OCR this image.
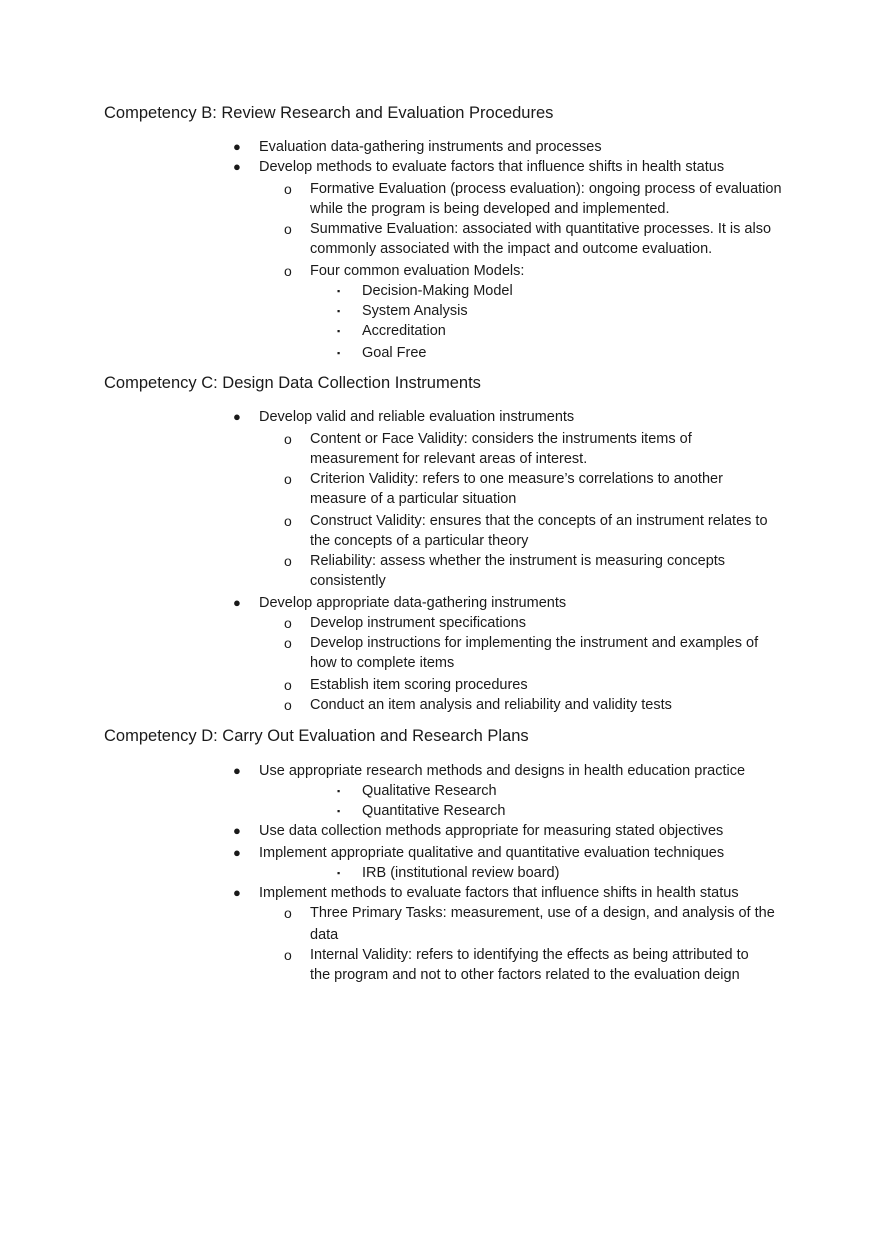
Competency B: Review Research and Evaluation Procedures
● Evaluation data-gathering instruments and processes
● Develop methods to evaluate factors that influence shifts in health status
o Formative Evaluation (process evaluation): ongoing process of evaluation
while the program is being developed and implemented.
o Summative Evaluation: associated with quantitative processes. It is also
commonly associated with the impact and outcome evaluation.
o Four common evaluation Models:
▪ Decision-Making Model
▪ System Analysis
▪ Accreditation
▪ Goal Free
Competency C: Design Data Collection Instruments
● Develop valid and reliable evaluation instruments
o Content or Face Validity: considers the instruments items of
measurement for relevant areas of interest.
o Criterion Validity: refers to one measure’s correlations to another
measure of a particular situation
o Construct Validity: ensures that the concepts of an instrument relates to
the concepts of a particular theory
o Reliability: assess whether the instrument is measuring concepts
consistently
● Develop appropriate data-gathering instruments
o Develop instrument specifications
o Develop instructions for implementing the instrument and examples of
how to complete items
o Establish item scoring procedures
o Conduct an item analysis and reliability and validity tests
Competency D: Carry Out Evaluation and Research Plans
● Use appropriate research methods and designs in health education practice
▪ Qualitative Research
▪ Quantitative Research
● Use data collection methods appropriate for measuring stated objectives
● Implement appropriate qualitative and quantitative evaluation techniques
▪ IRB (institutional review board)
● Implement methods to evaluate factors that influence shifts in health status
o Three Primary Tasks: measurement, use of a design, and analysis of the
data
o Internal Validity: refers to identifying the effects as being attributed to
the program and not to other factors related to the evaluation deign
